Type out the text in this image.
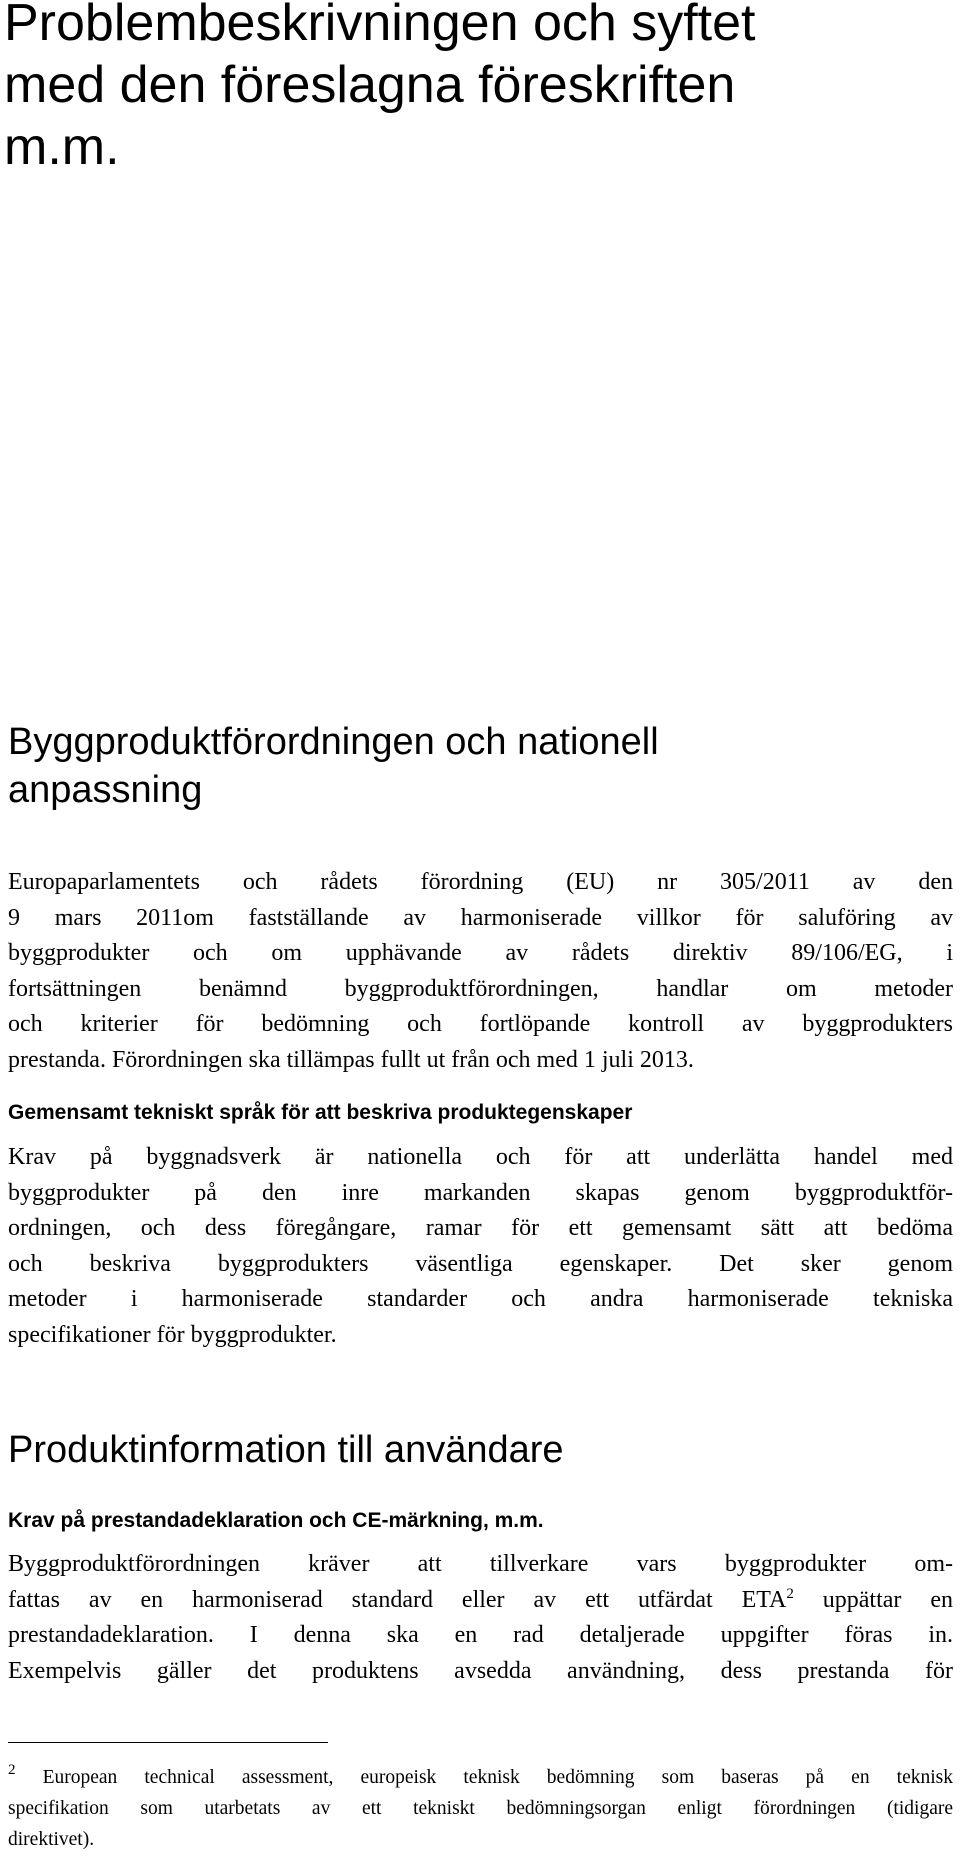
Problembeskrivningen och syftet
med den föreslagna föreskriften
m.m.
Byggproduktförordningen och nationell
anpassning

Europaparlamentets och rådets förordning (EU) nr 305/2011 av den
9 mars 2011om fastställande av harmoniserade villkor för saluföring av
byggprodukter och om upphävande av rådets direktiv 89/106/EG, i
fortsättningen benämnd byggproduktförordningen, handlar om metoder
och kriterier för bedömning och fortlöpande kontroll av byggprodukters
prestanda. Förordningen ska tillämpas fullt ut från och med 1 juli 2013.

Gemensamt tekniskt språk för att beskriva produktegenskaper

Krav på byggnadsverk är nationella och för att underlätta handel med
byggprodukter på den inre markanden skapas genom byggproduktför-
ordningen, och dess föregångare, ramar för ett gemensamt sätt att bedöma
och beskriva byggprodukters väsentliga egenskaper. Det sker genom
metoder i harmoniserade standarder och andra harmoniserade tekniska
specifikationer för byggprodukter.

Produktinformation till användare
Krav på prestandadeklaration och CE-märkning, m.m.

Byggproduktförordningen kräver att tillverkare vars byggprodukter om-
fattas av en harmoniserad standard eller av ett utfärdat ETA$^2$ uppättar en
prestandadeklaration. I denna ska en rad detaljerade uppgifter föras in.
Exempelvis gäller det produktens avsedda användning, dess prestanda för

$^2$ European technical assessment, europeisk teknisk bedömning som baseras på en teknisk
specifikation som utarbetats av ett tekniskt bedömningsorgan enligt förordningen (tidigare
direktivet).
